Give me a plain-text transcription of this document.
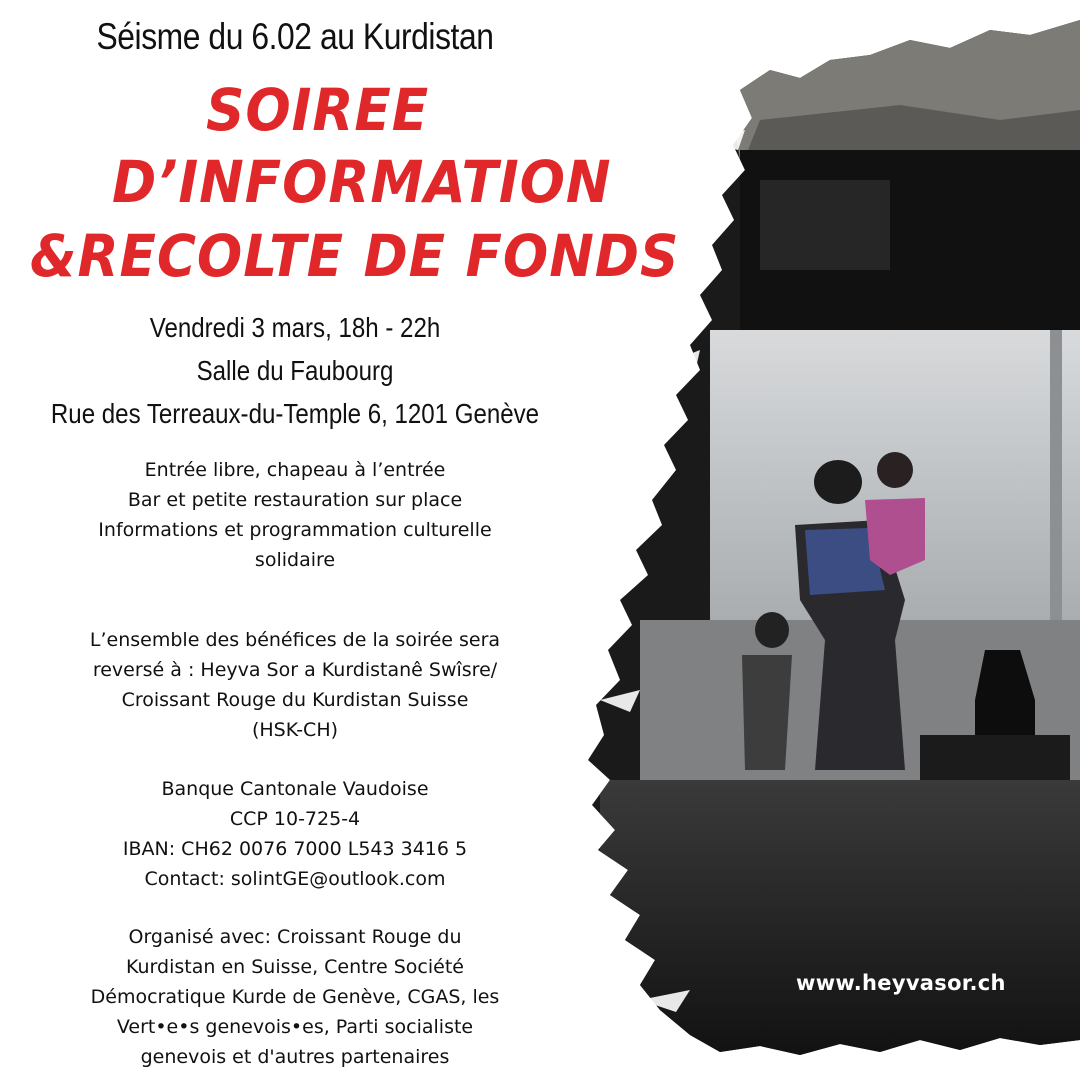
Séisme du 6.02 au Kurdistan
SOIREE
D’INFORMATION
&RECOLTE DE FONDS
Vendredi 3 mars, 18h - 22h
Salle du Faubourg
Rue des Terreaux-du-Temple 6, 1201 Genève
Entrée libre, chapeau à l’entrée
Bar et petite restauration sur place
Informations et programmation culturelle
solidaire
L’ensemble des bénéfices de la soirée sera
reversé à : Heyva Sor a Kurdistanê Swîsre/
Croissant Rouge du Kurdistan Suisse
(HSK-CH)
Banque Cantonale Vaudoise
CCP 10-725-4
IBAN: CH62 0076 7000 L543 3416 5
Contact: solintGE@outlook.com
Organisé avec: Croissant Rouge du
Kurdistan en Suisse, Centre Société
Démocratique Kurde de Genève, CGAS, les
Vert•e•s genevois•es, Parti socialiste
genevois et d'autres partenaires
www.heyvasor.ch
